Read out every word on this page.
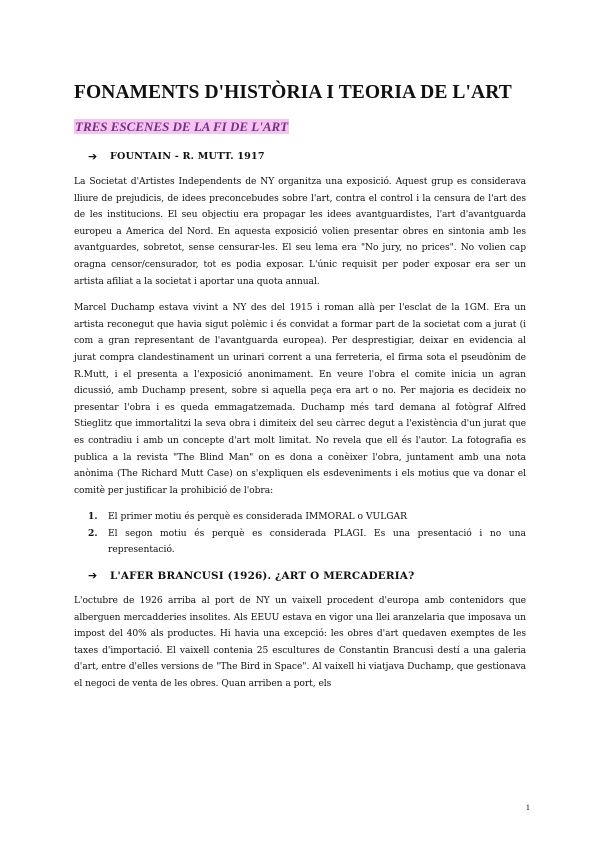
FONAMENTS D'HISTÒRIA I TEORIA DE L'ART
TRES ESCENES DE LA FI DE L'ART
➔	FOUNTAIN - R. MUTT. 1917

La Societat d'Artistes Independents de NY organitza una exposició. Aquest grup es considerava lliure de prejudicis, de idees preconcebudes sobre l'art, contra el control i la censura de l'art des de les institucions. El seu objectiu era propagar les idees avantguardistes, l'art d'avantguarda europeu a America del Nord. En aquesta exposició volien presentar obres en sintonia amb les avantguardes, sobretot, sense censurar-les. El seu lema era "No jury, no prices". No volien cap oragna censor/censurador, tot es podia exposar. L'únic requisit per poder exposar era ser un artista afiliat a la societat i aportar una quota annual.

Marcel Duchamp estava vivint a NY des del 1915 i roman allà per l'esclat de la 1GM. Era un artista reconegut que havia sigut polèmic i és convidat a formar part de la societat com a jurat (i com a gran representant de l'avantguarda europea). Per desprestigiar, deixar en evidencia al jurat compra clandestinament un urinari corrent a una ferreteria, el firma sota el pseudònim de R.Mutt, i el presenta a l'exposició anonimament. En veure l'obra el comite inicia un agran dicussió, amb Duchamp present, sobre si aquella peça era art o no. Per majoria es decideix no presentar l'obra i es queda emmagatzemada. Duchamp més tard demana al fotògraf Alfred Stieglitz que immortalitzi la seva obra i dimiteix del seu càrrec degut a l'existència d'un jurat que es contradiu i amb un concepte d'art molt limitat. No revela que ell és l'autor. La fotografia es publica a la revista "The Blind Man" on es dona a conèixer l'obra, juntament amb una nota anònima (The Richard Mutt Case) on s'expliquen els esdeveniments i els motius que va donar el comitè per justificar la prohibició de l'obra:

1.	El primer motiu és perquè es considerada IMMORAL o VULGAR
2.	El segon motiu és perquè es considerada PLAGI. Es una presentació i no una representació.
➔	L'AFER BRANCUSI (1926). ¿ART O MERCADERIA?

L'octubre de 1926 arriba al port de NY un vaixell procedent d'europa amb contenidors que alberguen mercadderies insolites. Als EEUU estava en vigor una llei aranzelaria que imposava un impost del 40% als productes. Hi havia una excepció: les obres d'art quedaven exemptes de les taxes d'importació. El vaixell contenia 25 escultures de Constantin Brancusi destí a una galeria d'art, entre d'elles versions de "The Bird in Space". Al vaixell hi viatjava Duchamp, que gestionava el negoci de venta de les obres. Quan arriben a port, els

1
